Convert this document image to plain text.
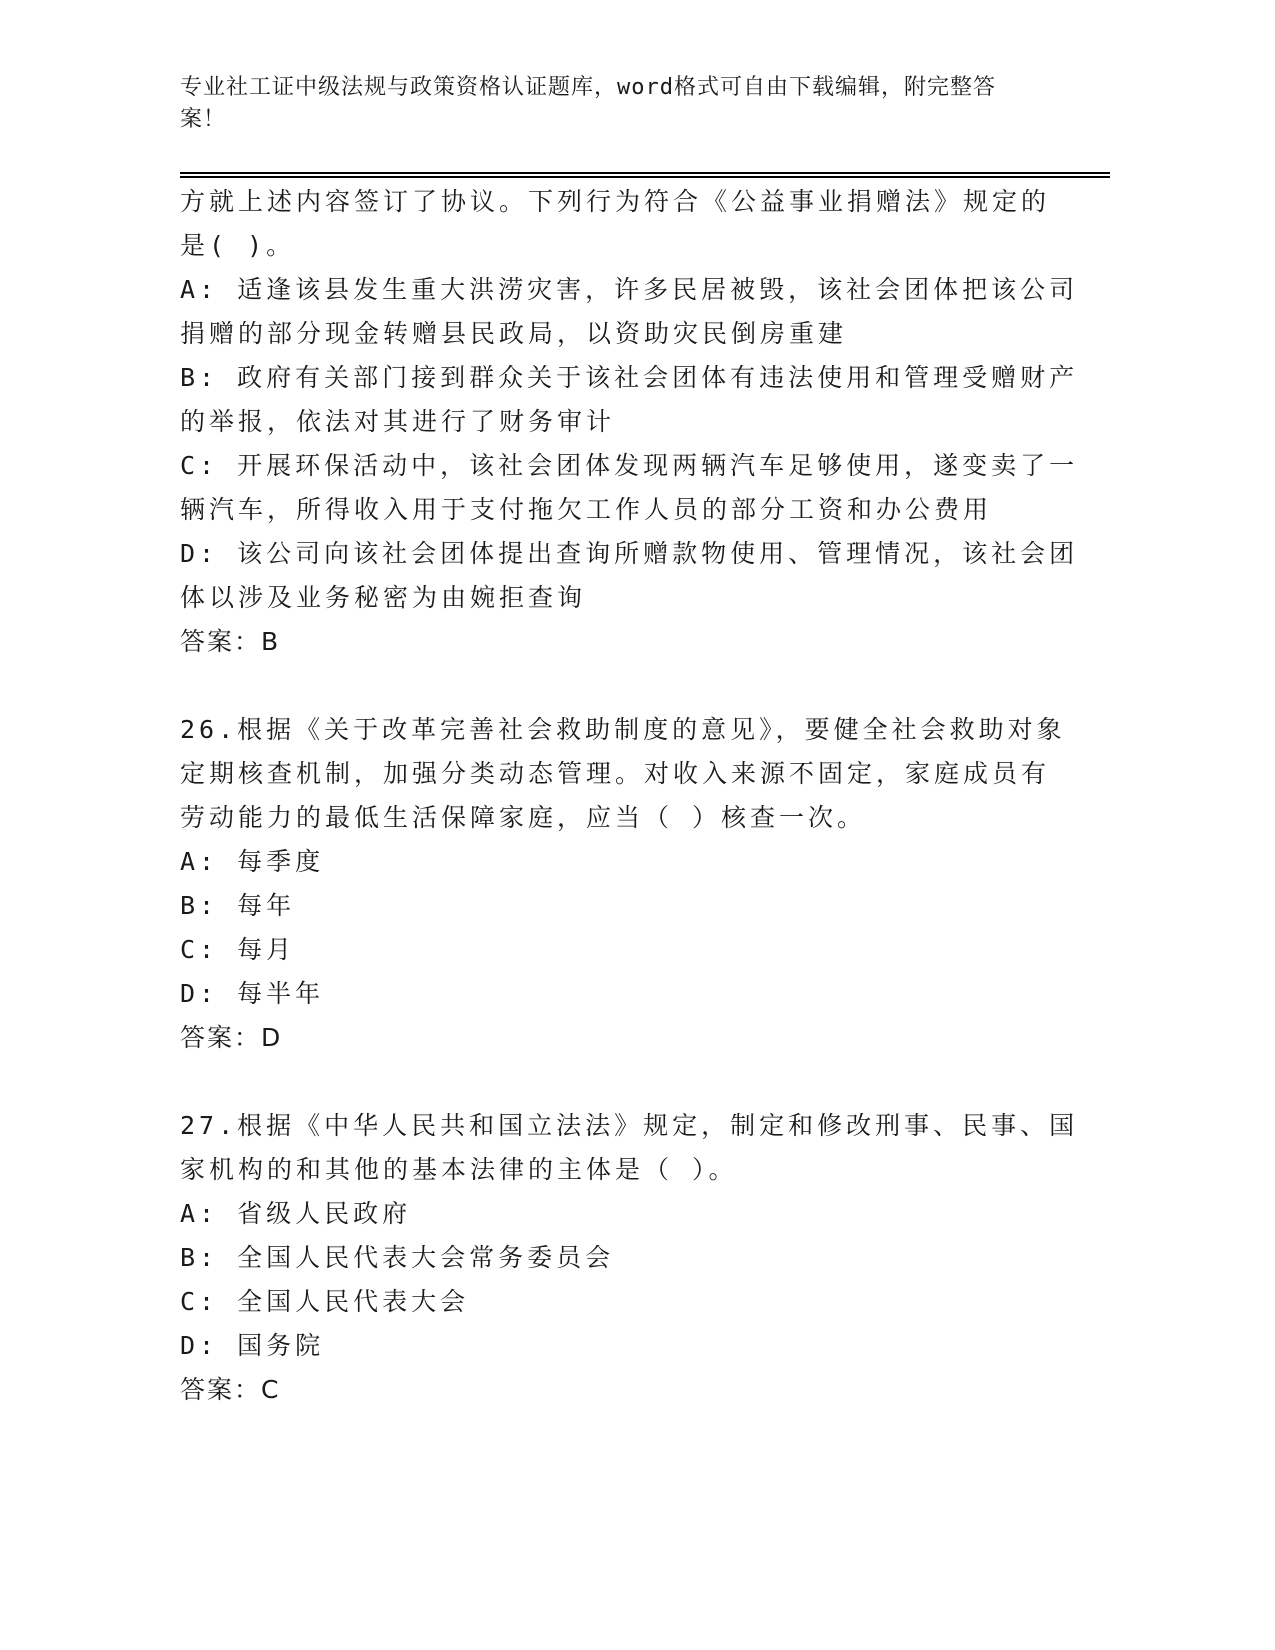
专业社工证中级法规与政策资格认证题库，word格式可自由下载编辑，附完整答
案！
方就上述内容签订了协议。下列行为符合《公益事业捐赠法》规定的
是( )。
A: 适逢该县发生重大洪涝灾害，许多民居被毁，该社会团体把该公司
捐赠的部分现金转赠县民政局，以资助灾民倒房重建
B: 政府有关部门接到群众关于该社会团体有违法使用和管理受赠财产
的举报，依法对其进行了财务审计
C: 开展环保活动中，该社会团体发现两辆汽车足够使用，遂变卖了一
辆汽车，所得收入用于支付拖欠工作人员的部分工资和办公费用
D: 该公司向该社会团体提出查询所赠款物使用、管理情况，该社会团
体以涉及业务秘密为由婉拒查询
答案：B
26.根据《关于改革完善社会救助制度的意见》，要健全社会救助对象
定期核查机制，加强分类动态管理。对收入来源不固定，家庭成员有
劳动能力的最低生活保障家庭，应当（ ）核查一次。
A: 每季度
B: 每年
C: 每月
D: 每半年
答案：D
27.根据《中华人民共和国立法法》规定，制定和修改刑事、民事、国
家机构的和其他的基本法律的主体是（ ）。
A: 省级人民政府
B: 全国人民代表大会常务委员会
C: 全国人民代表大会
D: 国务院
答案：C
